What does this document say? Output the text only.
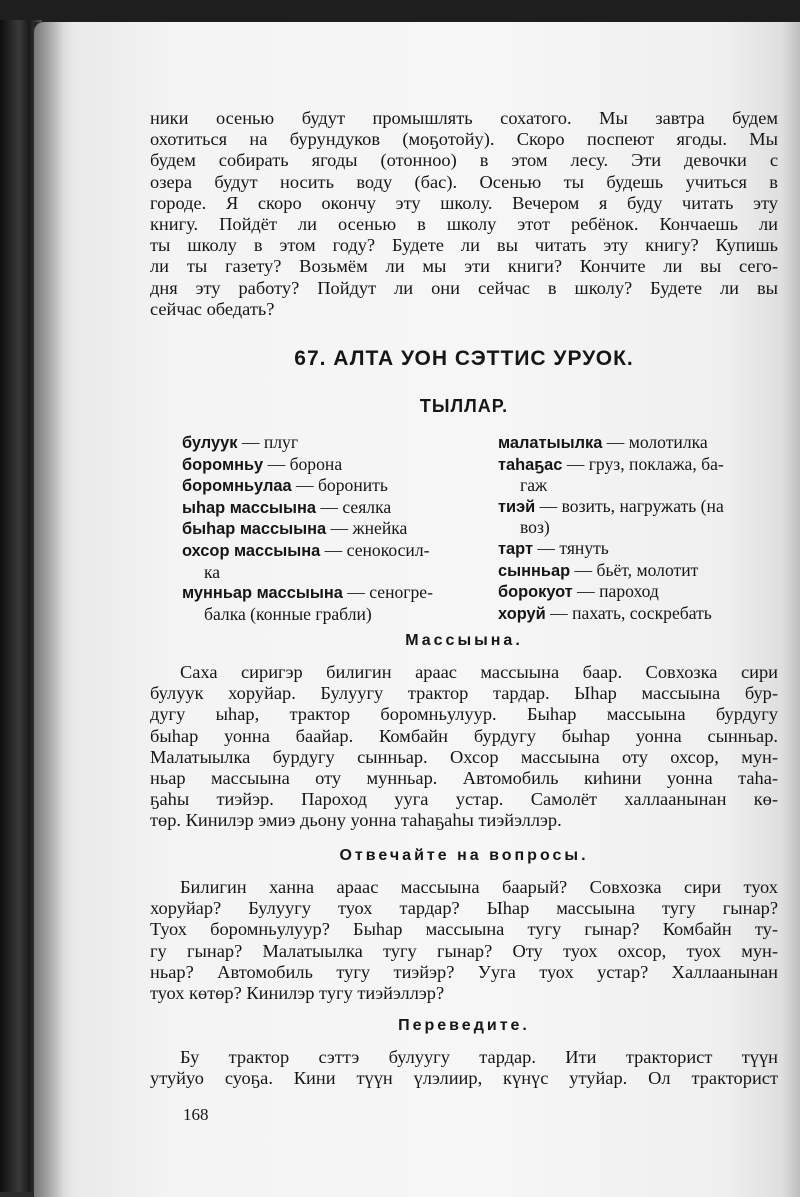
ники осенью будут промышлять сохатого. Мы завтра будем

охотиться на бурундуков (моҕотойу). Скоро поспеют ягоды. Мы

будем собирать ягоды (отонноо) в этом лесу. Эти девочки с

озера будут носить воду (бас). Осенью ты будешь учиться в

городе. Я скоро окончу эту школу. Вечером я буду читать эту

книгу. Пойдёт ли осенью в школу этот ребёнок. Кончаешь ли

ты школу в этом году? Будете ли вы читать эту книгу? Купишь

ли ты газету? Возьмём ли мы эти книги? Кончите ли вы сего-

дня эту работу? Пойдут ли они сейчас в школу? Будете ли вы

сейчас обедать?

67. АЛТА УОН СЭТТИС УРУОК.
ТЫЛЛАР.
булуук — плуг
боромньу — борона
боромньулаа — боронить
ыһар массыына — сеялка
быһар массыына — жнейка
охсор массыына — сенокосил-
ка
мунньар массыына — сеногре-
балка (конные грабли)
малатыылка — молотилка
таһаҕас — груз, поклажа, ба-
гаж
тиэй — возить, нагружать (на
воз)
тарт — тянуть
сынньар — бьёт, молотит
борокуот — пароход
хоруй — пахать, соскребать
Массыына.

Саха сиригэр билигин араас массыына баар. Совхозка сири

булуук хоруйар. Булуугу трактор тардар. Ыһар массыына бур-

дугу ыһар, трактор боромньулуур. Быһар массыына бурдугу

быһар уонна баайар. Комбайн бурдугу быһар уонна сынньар.

Малатыылка бурдугу сынньар. Охсор массыына оту охсор, мун-

ньар массыына оту мунньар. Автомобиль киһини уонна таһа-

ҕаһы тиэйэр. Пароход ууга устар. Самолёт халлаанынан кө-

төр. Кинилэр эмиэ дьону уонна таһаҕаһы тиэйэллэр.

Отвечайте на вопросы.

Билигин ханна араас массыына баарый? Совхозка сири туох

хоруйар? Булуугу туох тардар? Ыһар массыына тугу гынар?

Туох боромньулуур? Быһар массыына тугу гынар? Комбайн ту-

гу гынар? Малатыылка тугу гынар? Оту туох охсор, туох мун-

ньар? Автомобиль тугу тиэйэр? Ууга туох устар? Халлаанынан

туох көтөр? Кинилэр тугу тиэйэллэр?

Переведите.

Бу трактор сэттэ булуугу тардар. Ити тракторист түүн

утуйуо суоҕа. Кини түүн үлэлиир, күнүс утуйар. Ол тракторист

168
